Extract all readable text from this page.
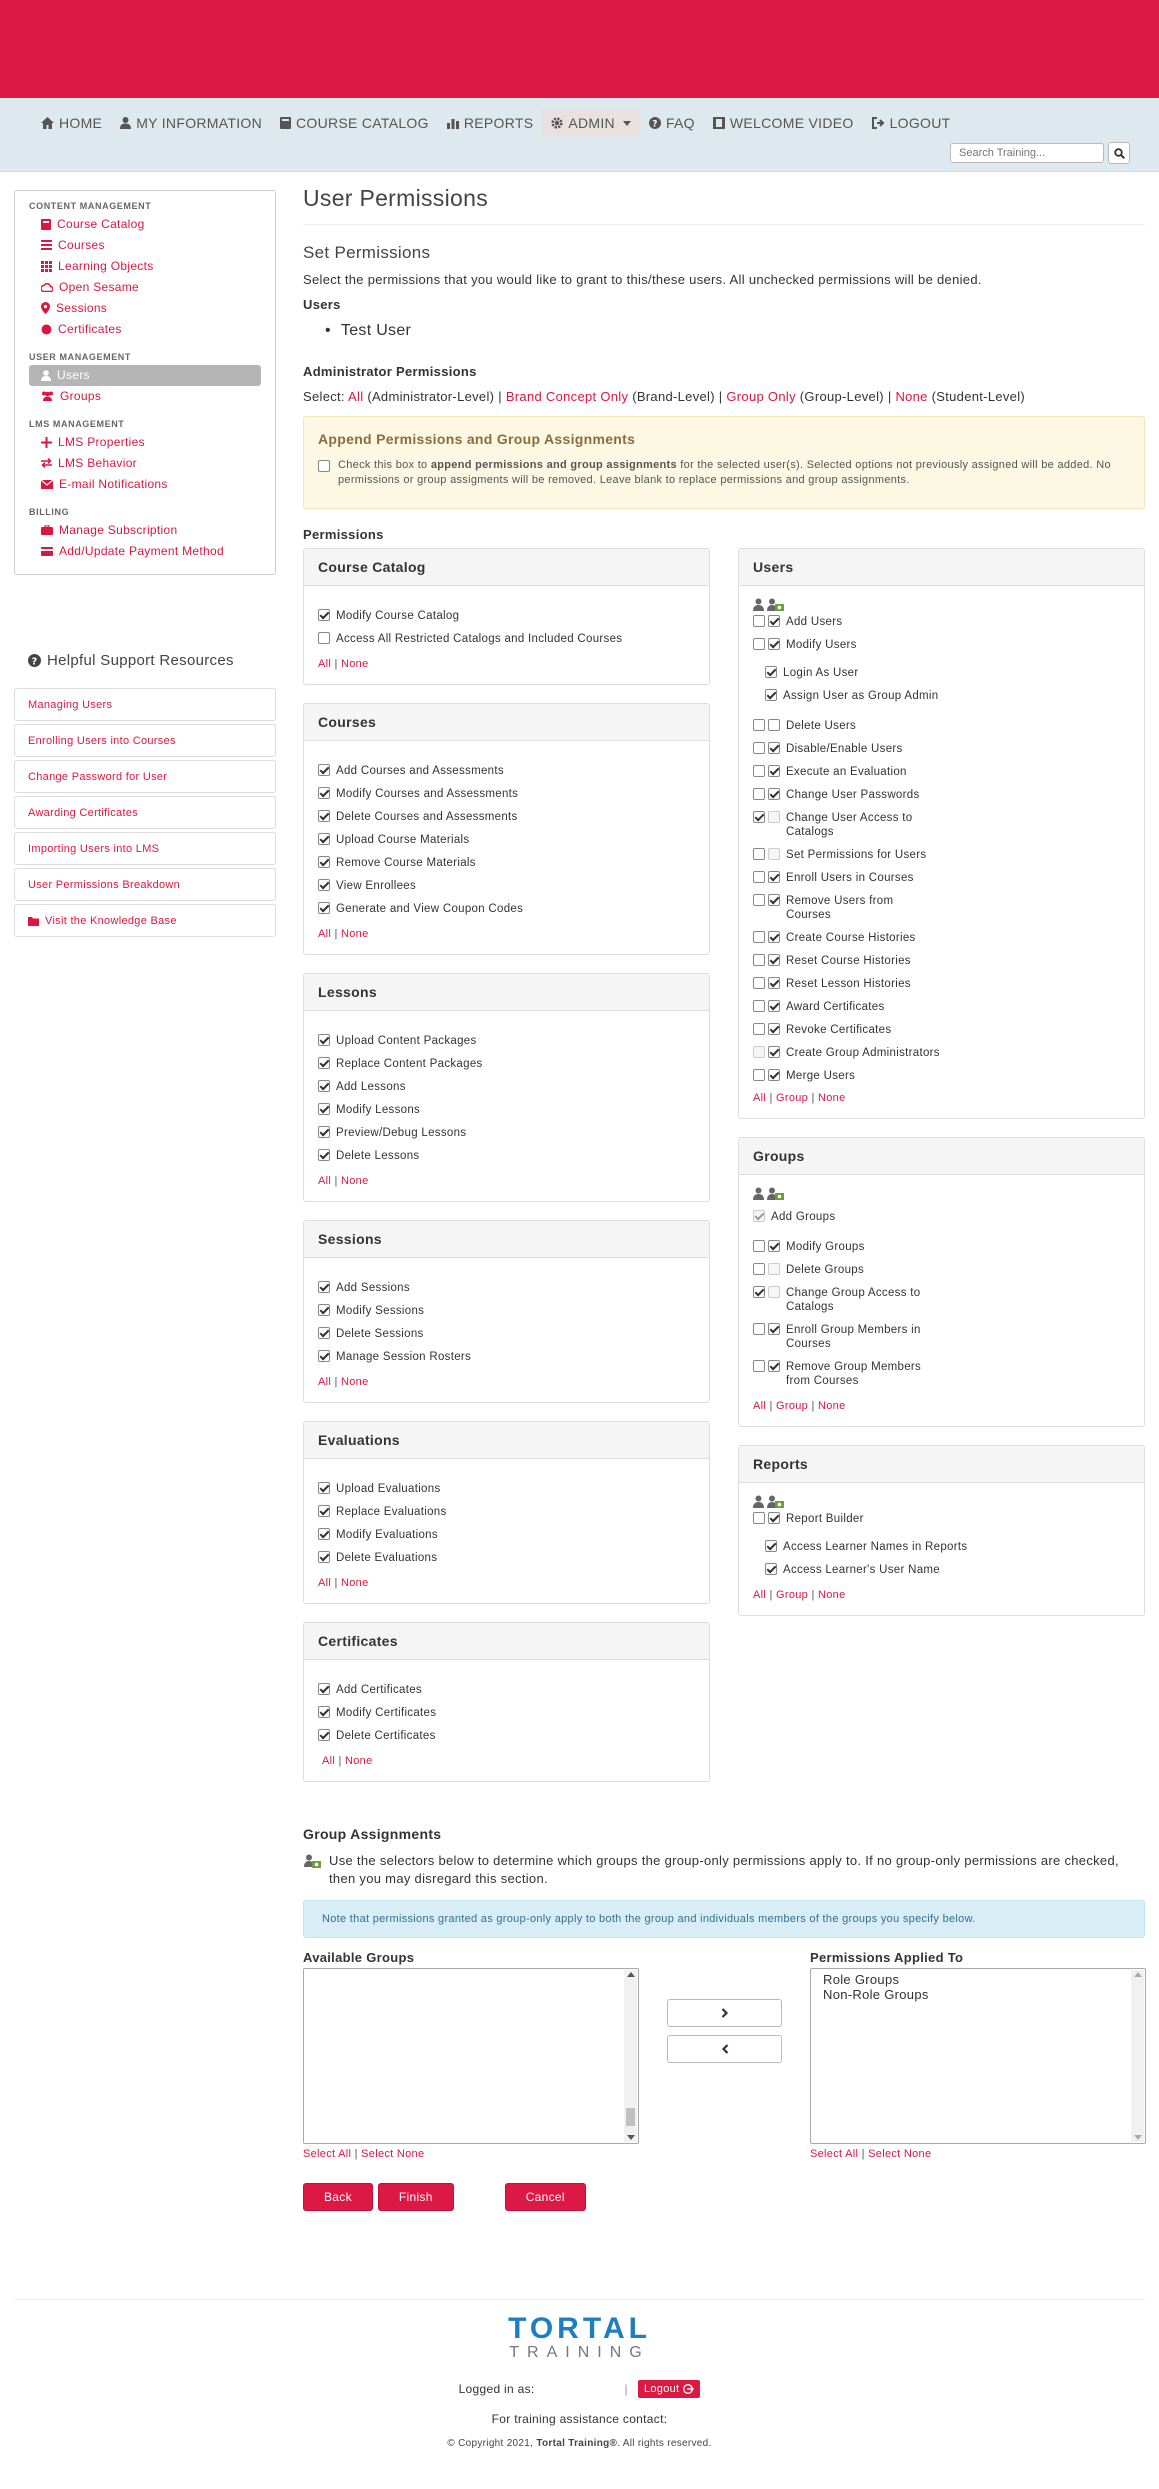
HOME MY INFORMATION COURSE CATALOG	REPORTS	ADMIN	? FAQ	WELCOME VIDEO	LOGOUT
Search Training...
CONTENT MANAGEMENT
Course Catalog
Courses
Learning Objects
Open Sesame
Sessions
Certificates
USER MANAGEMENT
Users
Groups
LMS MANAGEMENT
LMS Properties
LMS Behavior
E-mail Notifications
BILLING
Manage Subscription
Add/Update Payment Method
? Helpful Support Resources
Managing Users
Enrolling Users into Courses
Change Password for User
Awarding Certificates
Importing Users into LMS
User Permissions Breakdown
Visit the Knowledge Base
User Permissions
Set Permissions
Select the permissions that you would like to grant to this/these users. All unchecked permissions will be denied.
Users
• Test User
Administrator Permissions
Select: All (Administrator-Level) | Brand Concept Only (Brand-Level) | Group Only (Group-Level) | None (Student-Level)
Append Permissions and Group Assignments
Check this box to append permissions and group assignments for the selected user(s). Selected options not previously assigned will be added. No permissions or group assigments will be removed. Leave blank to replace permissions and group assignments.
Permissions
Course Catalog
Modify Course Catalog
Access All Restricted Catalogs and Included Courses
All | None
Courses
Add Courses and Assessments
Modify Courses and Assessments
Delete Courses and Assessments
Upload Course Materials
Remove Course Materials
View Enrollees
Generate and View Coupon Codes
All | None
Lessons
Upload Content Packages
Replace Content Packages
Add Lessons
Modify Lessons
Preview/Debug Lessons
Delete Lessons
All | None
Sessions
Add Sessions
Modify Sessions
Delete Sessions
Manage Session Rosters
All | None
Evaluations
Upload Evaluations
Replace Evaluations
Modify Evaluations
Delete Evaluations
All | None
Certificates
Add Certificates
Modify Certificates
Delete Certificates
All | None
Users
Add Users
Modify Users
Login As User
Assign User as Group Admin
Delete Users
Disable/Enable Users
Execute an Evaluation
Change User Passwords
Change User Access to Catalogs
Set Permissions for Users
Enroll Users in Courses
Remove Users from Courses
Create Course Histories
Reset Course Histories
Reset Lesson Histories
Award Certificates
Revoke Certificates
Create Group Administrators
Merge Users
All | Group | None
Groups
Add Groups
Modify Groups
Delete Groups
Change Group Access to Catalogs
Enroll Group Members in Courses
Remove Group Members from Courses
All | Group | None
Reports
Report Builder
Access Learner Names in Reports
Access Learner's User Name
All | Group | None
Group Assignments
Use the selectors below to determine which groups the group-only permissions apply to. If no group-only permissions are checked, then you may disregard this section.
Note that permissions granted as group-only apply to both the group and individuals members of the groups you specify below.
Available Groups
Select All | Select None
Permissions Applied To
Role Groups
Non-Role Groups
Select All | Select None
Back	Finish	Cancel
TORTAL
TRAINING
Logged in as:	| Logout
For training assistance contact:
© Copyright 2021, Tortal Training®. All rights reserved.
